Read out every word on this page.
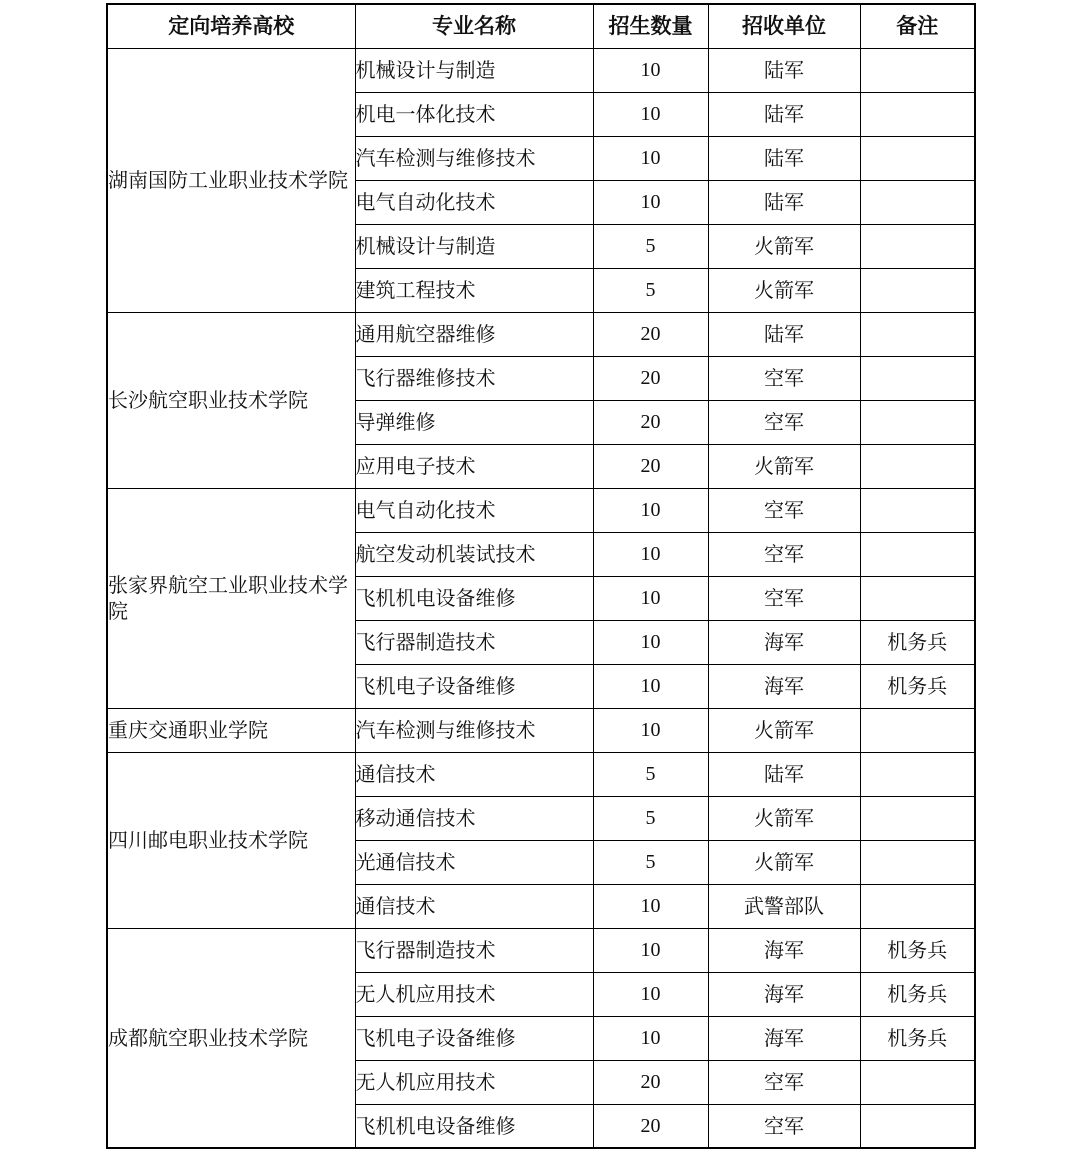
定向培养高校	专业名称	招生数量	招收单位	备注
湖南国防工业职业技术学院	机械设计与制造	10	陆军	
	机电一体化技术	10	陆军	
	汽车检测与维修技术	10	陆军	
	电气自动化技术	10	陆军	
	机械设计与制造	5	火箭军	
	建筑工程技术	5	火箭军	
长沙航空职业技术学院	通用航空器维修	20	陆军	
	飞行器维修技术	20	空军	
	导弹维修	20	空军	
	应用电子技术	20	火箭军	
张家界航空工业职业技术学院	电气自动化技术	10	空军	
	航空发动机装试技术	10	空军	
	飞机机电设备维修	10	空军	
	飞行器制造技术	10	海军	机务兵
	飞机电子设备维修	10	海军	机务兵
重庆交通职业学院	汽车检测与维修技术	10	火箭军	
四川邮电职业技术学院	通信技术	5	陆军	
	移动通信技术	5	火箭军	
	光通信技术	5	火箭军	
	通信技术	10	武警部队	
成都航空职业技术学院	飞行器制造技术	10	海军	机务兵
	无人机应用技术	10	海军	机务兵
	飞机电子设备维修	10	海军	机务兵
	无人机应用技术	20	空军	
	飞机机电设备维修	20	空军	
